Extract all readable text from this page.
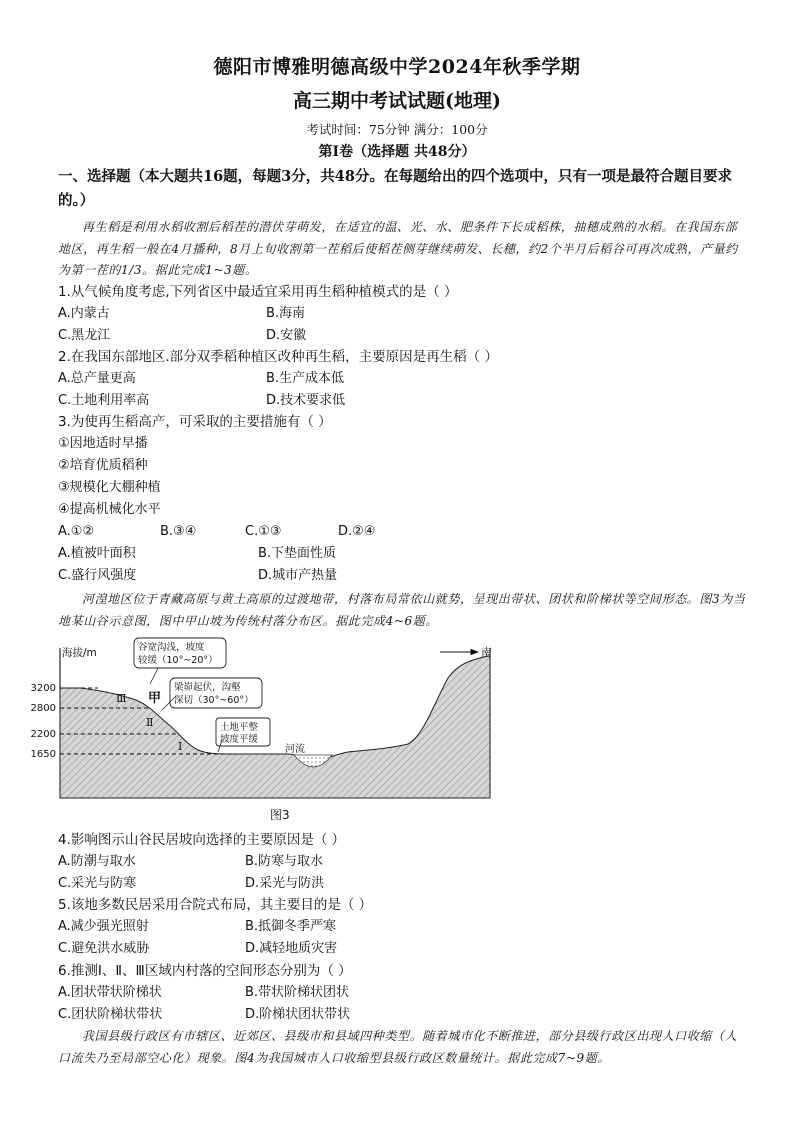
德阳市博雅明德高级中学2024年秋季学期
高三期中考试试题(地理)
考试时间：75分钟 满分：100分
第Ⅰ卷（选择题 共48分）
一、选择题（本大题共16题，每题3分，共48分。在每题给出的四个选项中，只有一项是最符合题目要求的。）
再生稻是利用水稻收割后稻茬的潜伏芽萌发，在适宜的温、光、水、肥条件下长成稻株，抽穗成熟的水稻。在我国东部地区，再生稻一般在4月播种，8月上旬收割第一茬稻后使稻茬侧芽继续萌发、长穗，约2个半月后稻谷可再次成熟，产量约为第一茬的1/3。据此完成1~3题。
1.从气候角度考虑,下列省区中最适宜采用再生稻种植模式的是（ ）
A.内蒙古	B.海南
C.黑龙江	D.安徽
2.在我国东部地区.部分双季稻种植区改种再生稻，主要原因是再生稻（ ）
A.总产量更高	B.生产成本低
C.土地利用率高	D.技术要求低
3.为使再生稻高产，可采取的主要措施有（ ）
①因地适时早播
②培育优质稻种
③规模化大棚种植
④提高机械化水平
A.①②	B.③④	C.①③	D.②④
A.植被叶面积	B.下垫面性质
C.盛行风强度	D.城市产热量
河湟地区位于青藏高原与黄土高原的过渡地带，村落布局常依山就势，呈现出带状、团状和阶梯状等空间形态。图3为当地某山谷示意图，图中甲山坡为传统村落分布区。据此完成4~6题。
海拔/m
3200
2800
2200
1650
南
Ⅲ 甲
Ⅱ
Ⅰ	河流
谷宽沟浅，坡度
较缓（10°~20°）
梁峁起伏，沟壑
深切（30°~60°）
土地平整
坡度平缓
图3
4.影响图示山谷民居坡向选择的主要原因是（ ）
A.防潮与取水	B.防寒与取水
C.采光与防寒	D.采光与防洪
5.该地多数民居采用合院式布局，其主要目的是（ ）
A.减少强光照射	B.抵御冬季严寒
C.避免洪水威胁	D.减轻地质灾害
6.推测Ⅰ、Ⅱ、Ⅲ区域内村落的空间形态分别为（ ）
A.团状带状阶梯状	B.带状阶梯状团状
C.团状阶梯状带状	D.阶梯状团状带状
我国县级行政区有市辖区、近郊区、县级市和县域四种类型。随着城市化不断推进，部分县级行政区出现人口收缩（人口流失乃至局部空心化）现象。图4为我国城市人口收缩型县级行政区数量统计。据此完成7~9题。
